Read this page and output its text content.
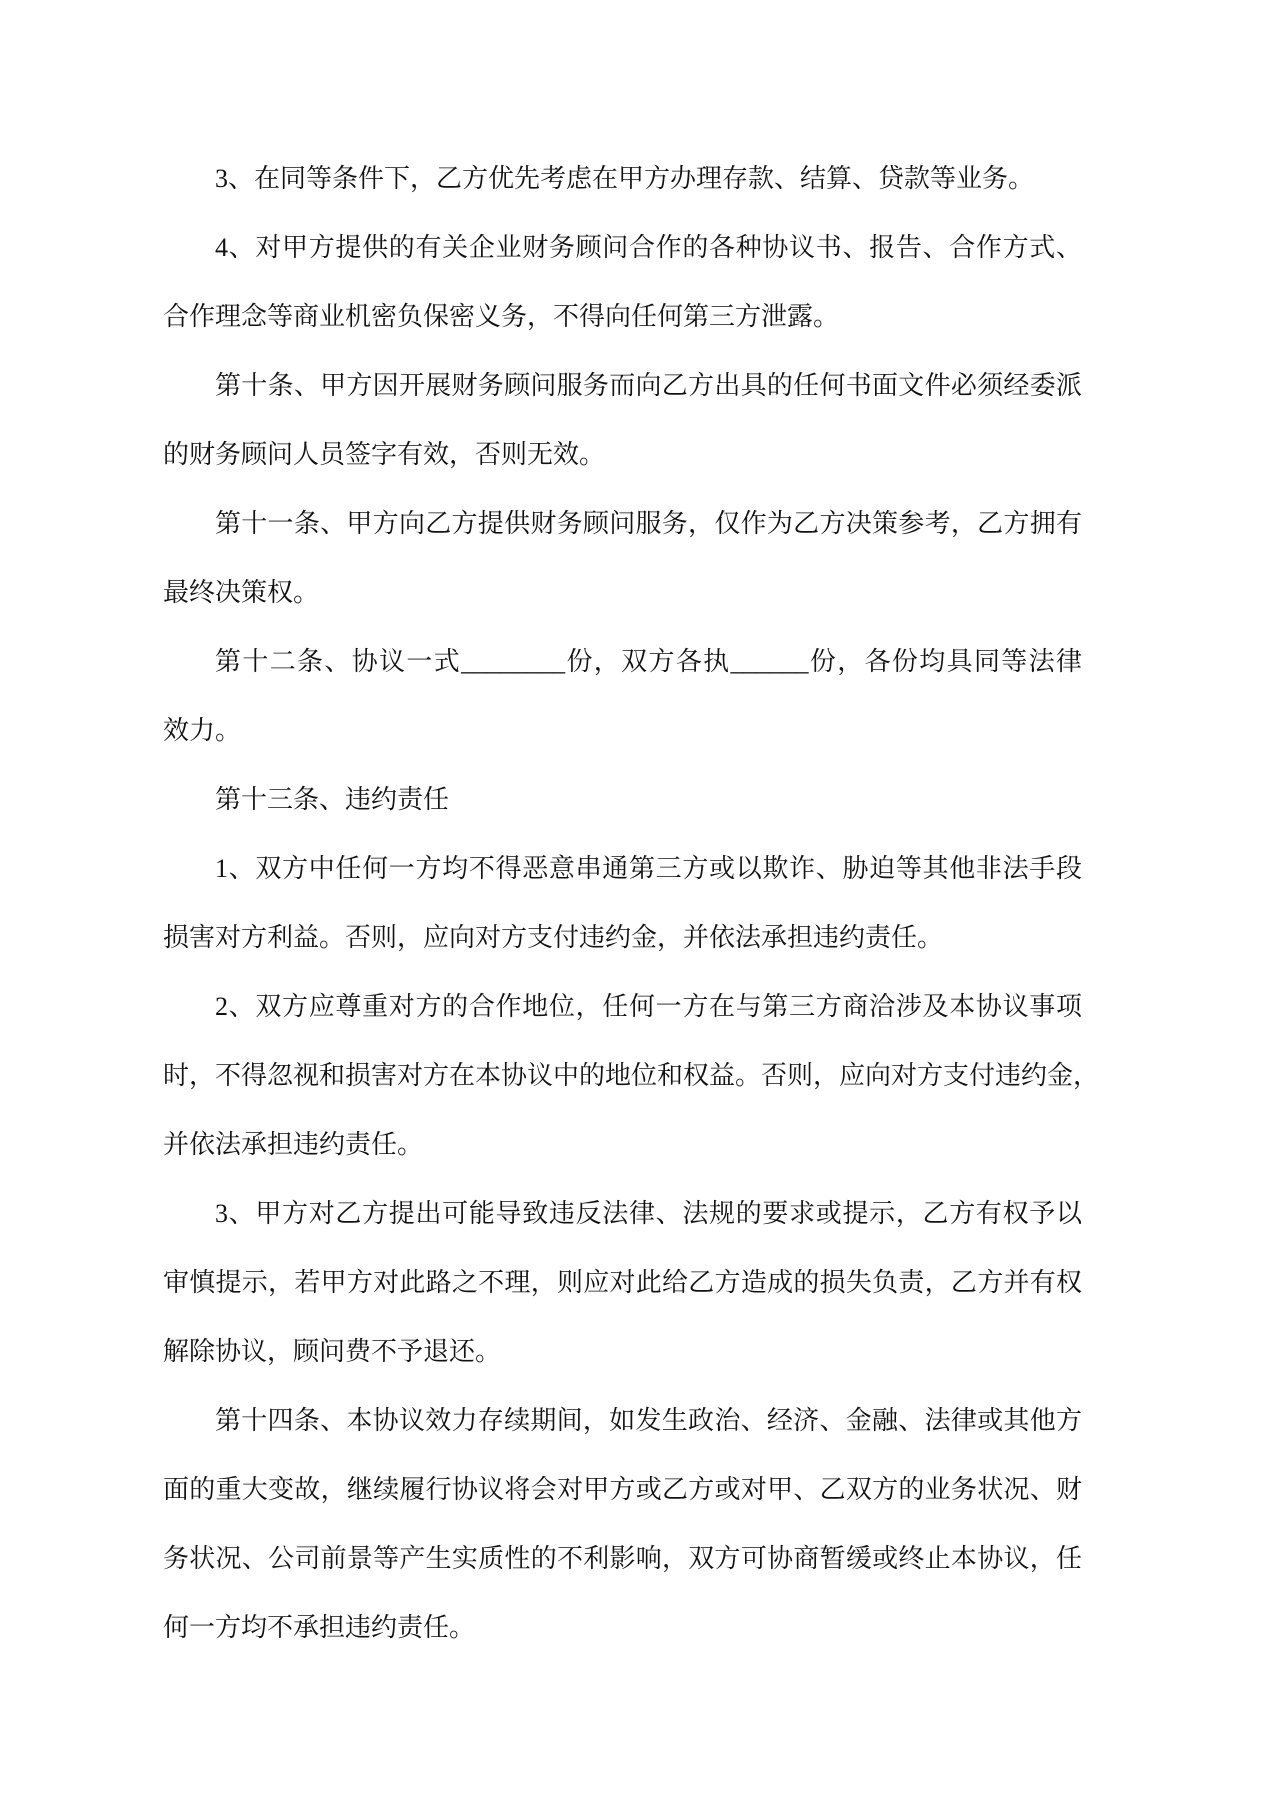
3、在同等条件下，乙方优先考虑在甲方办理存款、结算、贷款等业务。
4、对甲方提供的有关企业财务顾问合作的各种协议书、报告、合作方式、
合作理念等商业机密负保密义务，不得向任何第三方泄露。
第十条、甲方因开展财务顾问服务而向乙方出具的任何书面文件必须经委派
的财务顾问人员签字有效，否则无效。
第十一条、甲方向乙方提供财务顾问服务，仅作为乙方决策参考，乙方拥有
最终决策权。
第十二条、协议一式________份，双方各执______份，各份均具同等法律
效力。
第十三条、违约责任
1、双方中任何一方均不得恶意串通第三方或以欺诈、胁迫等其他非法手段
损害对方利益。否则，应向对方支付违约金，并依法承担违约责任。
2、双方应尊重对方的合作地位，任何一方在与第三方商洽涉及本协议事项
时，不得忽视和损害对方在本协议中的地位和权益。否则，应向对方支付违约金，
并依法承担违约责任。
3、甲方对乙方提出可能导致违反法律、法规的要求或提示，乙方有权予以
审慎提示，若甲方对此路之不理，则应对此给乙方造成的损失负责，乙方并有权
解除协议，顾问费不予退还。
第十四条、本协议效力存续期间，如发生政治、经济、金融、法律或其他方
面的重大变故，继续履行协议将会对甲方或乙方或对甲、乙双方的业务状况、财
务状况、公司前景等产生实质性的不利影响，双方可协商暂缓或终止本协议，任
何一方均不承担违约责任。
